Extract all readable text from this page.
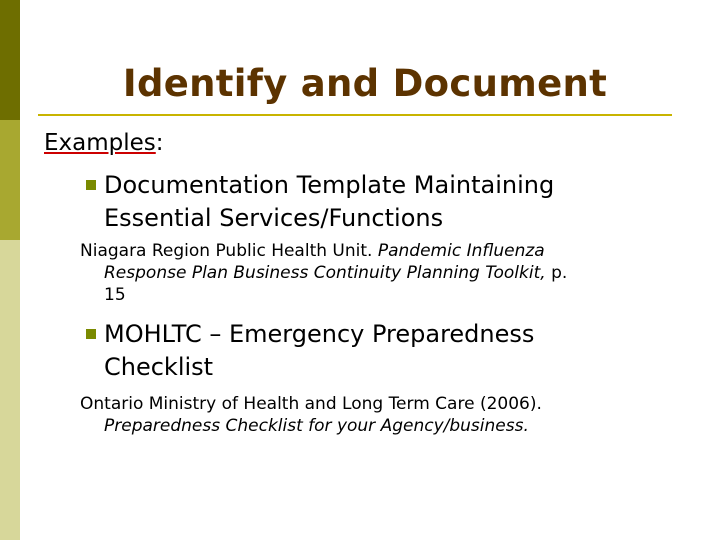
Identify and Document
Examples:
Documentation Template Maintaining
Essential Services/Functions
Niagara Region Public Health Unit. Pandemic Influenza
Response Plan Business Continuity Planning Toolkit, p.
15
MOHLTC – Emergency Preparedness
Checklist
Ontario Ministry of Health and Long Term Care (2006).
Preparedness Checklist for your Agency/business.
